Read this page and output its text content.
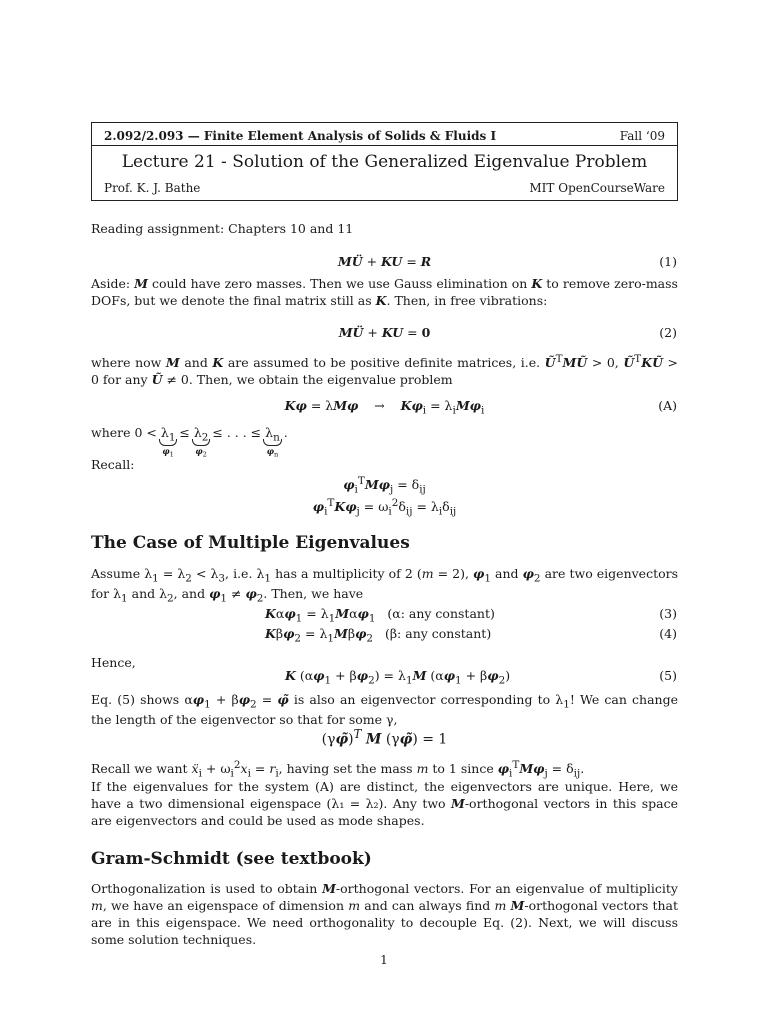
2.092/2.093 — Finite Element Analysis of Solids & Fluids I	Fall ‘09
Lecture 21 - Solution of the Generalized Eigenvalue Problem
Prof. K. J. Bathe	MIT OpenCourseWare
Reading assignment: Chapters 10 and 11
MÜ + KU = R	(1)
Aside: M could have zero masses. Then we use Gauss elimination on K to remove zero-mass DOFs, but we denote the final matrix still as K. Then, in free vibrations:
MÜ + KU = 0	(2)
where now M and K are assumed to be positive definite matrices, i.e. $Ũ^TMŨ > 0$, $Ũ^TKŨ > 0$ for any Ũ ≠ 0. Then, we obtain the eigenvalue problem
Kφ = λMφ    →    $K\varphi_i = \lambda_iM\varphi_i$	(A)
where $0 < \lambda_1$
$\varphi_1$
≤ $\lambda_2$
$\varphi_2$
≤ . . . ≤ $\lambda_n$
$\varphi_n$
.
Recall:
$\varphi_i^TM\varphi_j = \delta_{ij}$
$\varphi_i^TK\varphi_j = \omega_i^2\delta_{ij} = \lambda_i\delta_{ij}$
The Case of Multiple Eigenvalues
Assume $\lambda_1 = \lambda_2 < \lambda_3$, i.e. $\lambda_1$ has a multiplicity of 2 (m = 2), $\varphi_1$ and $\varphi_2$ are two eigenvectors for $\lambda_1$ and $\lambda_2$, and $\varphi_1 \ne \varphi_2$. Then, we have
$K\alpha\varphi_1 = \lambda_1M\alpha\varphi_1$ (α: any constant)	(3)
$K\beta\varphi_2 = \lambda_1M\beta\varphi_2$ (β: any constant)	(4)
Hence,
K $(\alpha\varphi_1 + \beta\varphi_2) = \lambda_1M$ $(\alpha\varphi_1 + \beta\varphi_2)$	(5)
Eq. (5) shows $\alpha\varphi_1 + \beta\varphi_2$ = φ̃ is also an eigenvector corresponding to $\lambda_1$! We can change the length of the eigenvector so that for some γ,
(γφ̃)$^T$ M (γφ̃) = 1
Recall we want ẍ$_i$ + $\omega_i^2x_i = r_i$, having set the mass m to 1 since $\varphi_i^TM\varphi_j = \delta_{ij}$.
If the eigenvalues for the system (A) are distinct, the eigenvectors are unique. Here, we have a two dimensional eigenspace (λ₁ = λ₂). Any two M-orthogonal vectors in this space are eigenvectors and could be used as mode shapes.
Gram-Schmidt (see textbook)
Orthogonalization is used to obtain M-orthogonal vectors. For an eigenvalue of multiplicity m, we have an eigenspace of dimension m and can always find m M-orthogonal vectors that are in this eigenspace. We need orthogonality to decouple Eq. (2). Next, we will discuss some solution techniques.
1
